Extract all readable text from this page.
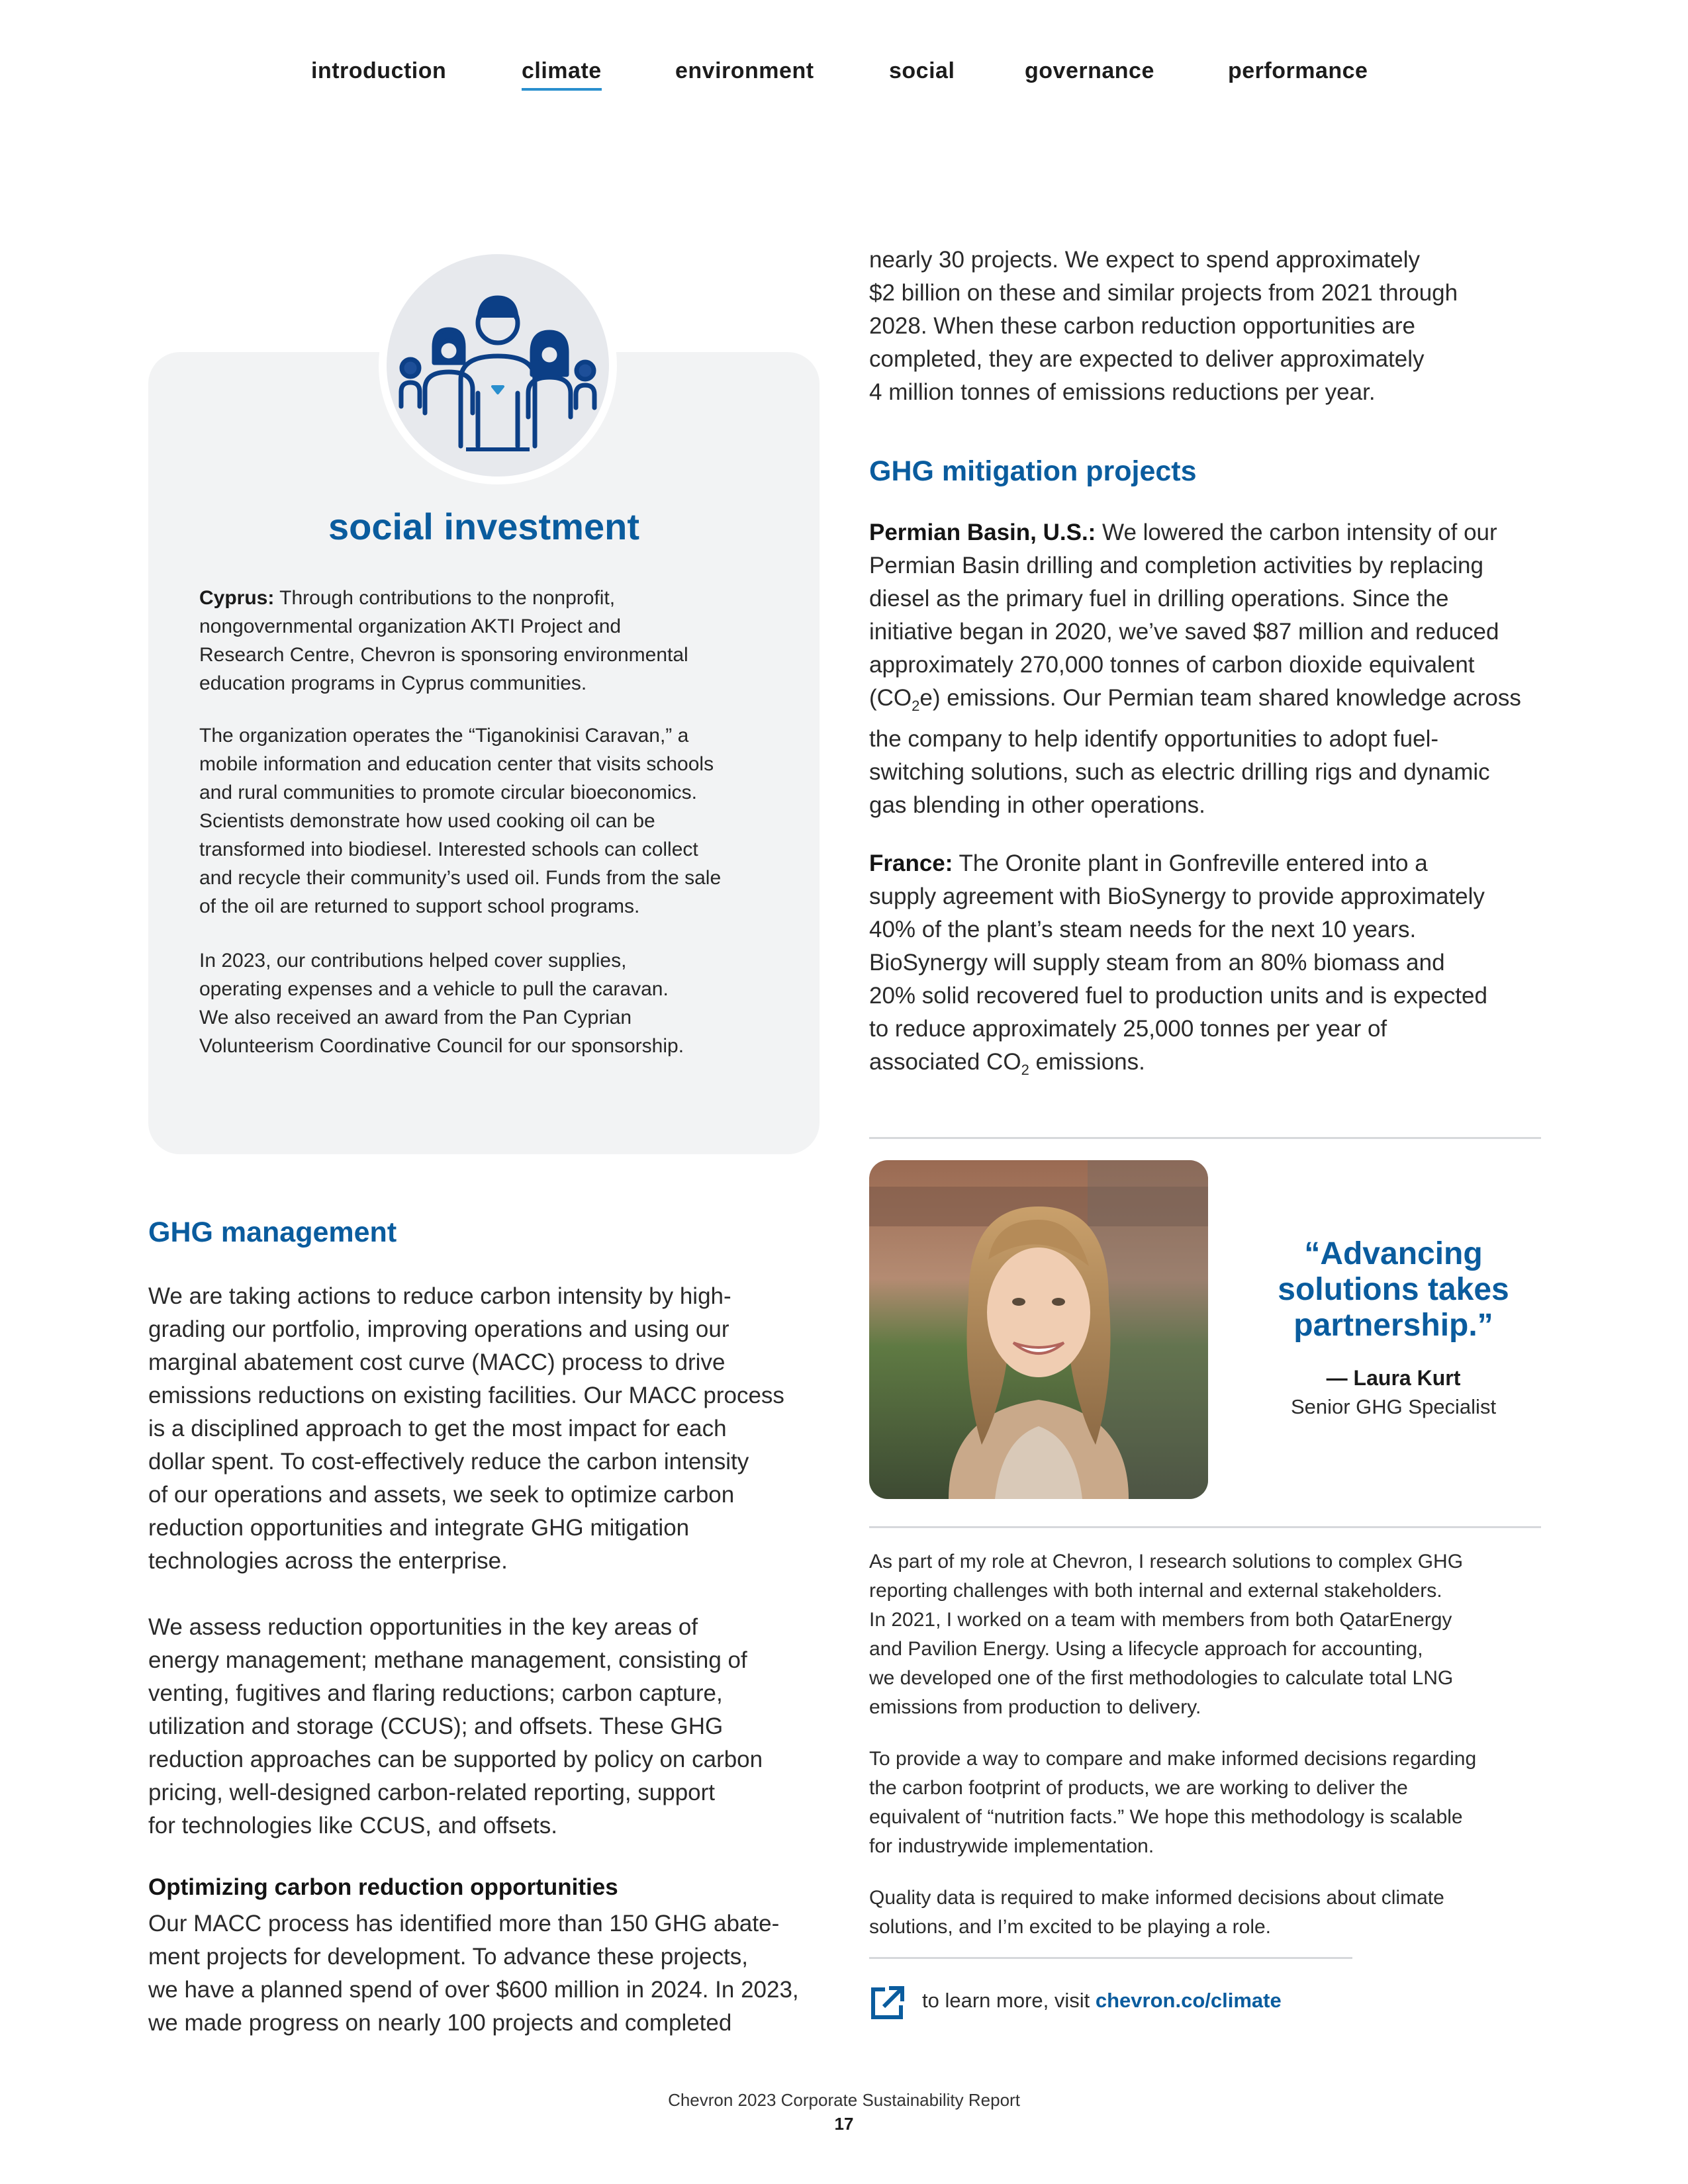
introduction	climate	environment	social	governance	performance
social investment
Cyprus: Through contributions to the nonprofit,
nongovernmental organization AKTI Project and
Research Centre, Chevron is sponsoring environmental
education programs in Cyprus communities.
The organization operates the “Tiganokinisi Caravan,” a
mobile information and education center that visits schools
and rural communities to promote circular bioeconomics.
Scientists demonstrate how used cooking oil can be
transformed into biodiesel. Interested schools can collect
and recycle their community’s used oil. Funds from the sale
of the oil are returned to support school programs.
In 2023, our contributions helped cover supplies,
operating expenses and a vehicle to pull the caravan.
We also received an award from the Pan Cyprian
Volunteerism Coordinative Council for our sponsorship.
GHG management
We are taking actions to reduce carbon intensity by high-
grading our portfolio, improving operations and using our
marginal abatement cost curve (MACC) process to drive
emissions reductions on existing facilities. Our MACC process
is a disciplined approach to get the most impact for each
dollar spent. To cost-effectively reduce the carbon intensity
of our operations and assets, we seek to optimize carbon
reduction opportunities and integrate GHG mitigation
technologies across the enterprise.
We assess reduction opportunities in the key areas of
energy management; methane management, consisting of
venting, fugitives and flaring reductions; carbon capture,
utilization and storage (CCUS); and offsets. These GHG
reduction approaches can be supported by policy on carbon
pricing, well-designed carbon-related reporting, support
for technologies like CCUS, and offsets.
Optimizing carbon reduction opportunities
Our MACC process has identified more than 150 GHG abate-
ment projects for development. To advance these projects,
we have a planned spend of over $600 million in 2024. In 2023,
we made progress on nearly 100 projects and completed
nearly 30 projects. We expect to spend approximately
$2 billion on these and similar projects from 2021 through
2028. When these carbon reduction opportunities are
completed, they are expected to deliver approximately
4 million tonnes of emissions reductions per year.
GHG mitigation projects
Permian Basin, U.S.: We lowered the carbon intensity of our
Permian Basin drilling and completion activities by replacing
diesel as the primary fuel in drilling operations. Since the
initiative began in 2020, we’ve saved $87 million and reduced
approximately 270,000 tonnes of carbon dioxide equivalent
$(CO_2e)$ emissions. Our Permian team shared knowledge across
the company to help identify opportunities to adopt fuel-
switching solutions, such as electric drilling rigs and dynamic
gas blending in other operations.
France: The Oronite plant in Gonfreville entered into a
supply agreement with BioSynergy to provide approximately
40% of the plant’s steam needs for the next 10 years.
BioSynergy will supply steam from an 80% biomass and
20% solid recovered fuel to production units and is expected
to reduce approximately 25,000 tonnes per year of
associated $CO_2$ emissions.
“Advancing
solutions takes
partnership.”
— Laura Kurt
Senior GHG Specialist
As part of my role at Chevron, I research solutions to complex GHG
reporting challenges with both internal and external stakeholders.
In 2021, I worked on a team with members from both QatarEnergy
and Pavilion Energy. Using a lifecycle approach for accounting,
we developed one of the first methodologies to calculate total LNG
emissions from production to delivery.
To provide a way to compare and make informed decisions regarding
the carbon footprint of products, we are working to deliver the
equivalent of “nutrition facts.” We hope this methodology is scalable
for industrywide implementation.
Quality data is required to make informed decisions about climate
solutions, and I’m excited to be playing a role.
to learn more, visit chevron.co/climate
Chevron 2023 Corporate Sustainability Report
17
